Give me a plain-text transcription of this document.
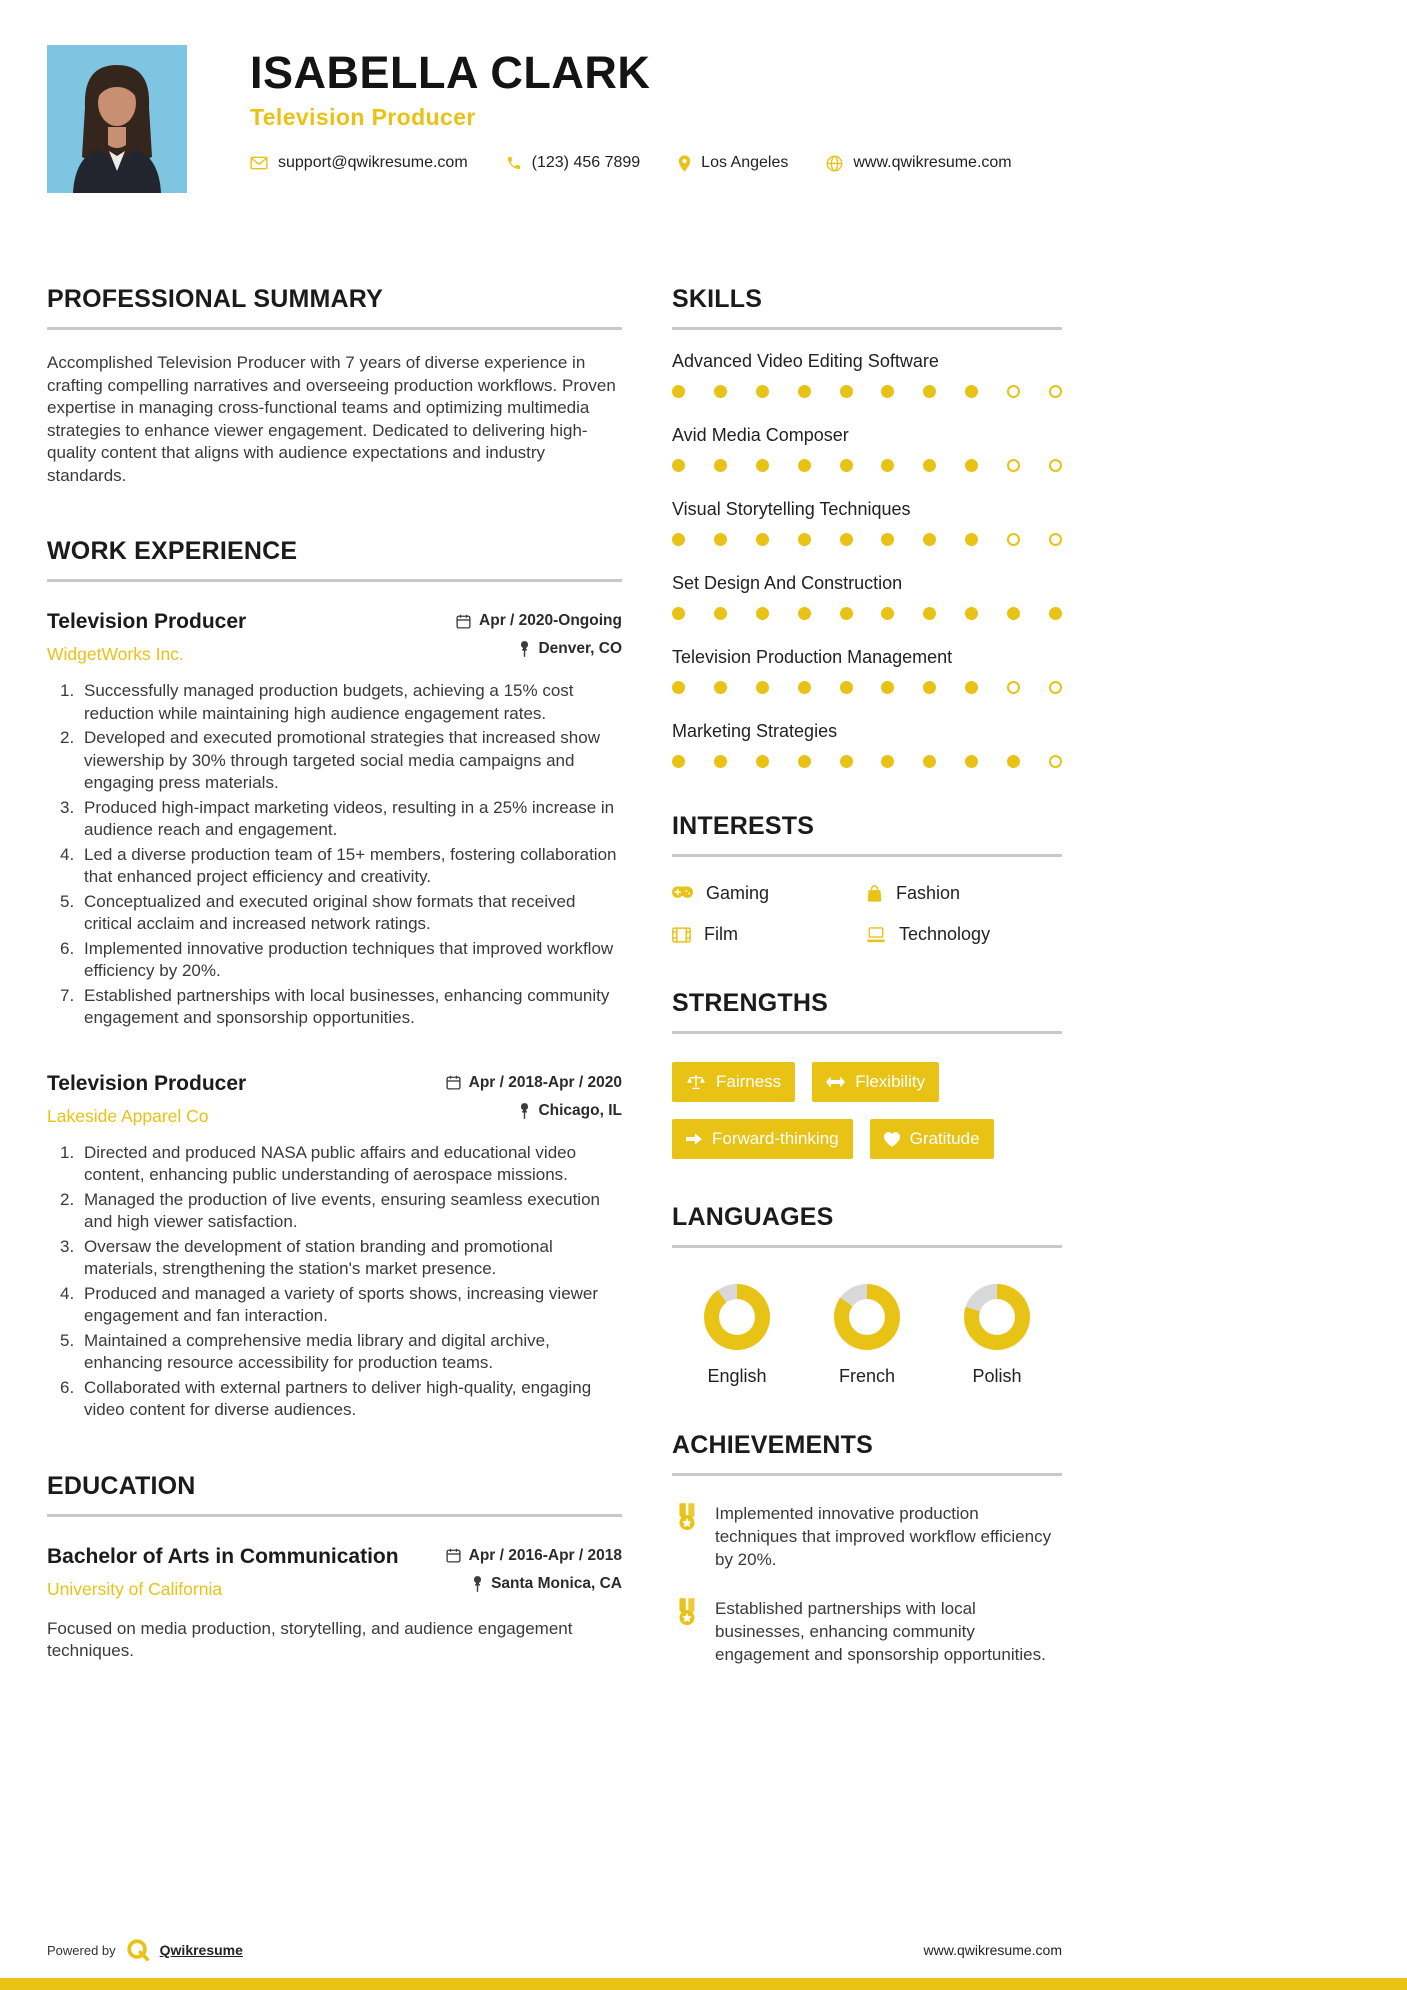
ISABELLA CLARK
Television Producer
support@qwikresume.com	(123) 456 7899	Los Angeles	www.qwikresume.com
PROFESSIONAL SUMMARY

Accomplished Television Producer with 7 years of diverse experience in crafting compelling narratives and overseeing production workflows. Proven expertise in managing cross-functional teams and optimizing multimedia strategies to enhance viewer engagement. Dedicated to delivering high-quality content that aligns with audience expectations and industry standards.

WORK EXPERIENCE
Television Producer
WidgetWorks Inc.
Apr / 2020-Ongoing
Denver, CO
Successfully managed production budgets, achieving a 15% cost reduction while maintaining high audience engagement rates.
Developed and executed promotional strategies that increased show viewership by 30% through targeted social media campaigns and engaging press materials.
Produced high-impact marketing videos, resulting in a 25% increase in audience reach and engagement.
Led a diverse production team of 15+ members, fostering collaboration that enhanced project efficiency and creativity.
Conceptualized and executed original show formats that received critical acclaim and increased network ratings.
Implemented innovative production techniques that improved workflow efficiency by 20%.
Established partnerships with local businesses, enhancing community engagement and sponsorship opportunities.
Television Producer
Lakeside Apparel Co
Apr / 2018-Apr / 2020
Chicago, IL
Directed and produced NASA public affairs and educational video content, enhancing public understanding of aerospace missions.
Managed the production of live events, ensuring seamless execution and high viewer satisfaction.
Oversaw the development of station branding and promotional materials, strengthening the station's market presence.
Produced and managed a variety of sports shows, increasing viewer engagement and fan interaction.
Maintained a comprehensive media library and digital archive, enhancing resource accessibility for production teams.
Collaborated with external partners to deliver high-quality, engaging video content for diverse audiences.
EDUCATION
Bachelor of Arts in Communication
University of California
Apr / 2016-Apr / 2018
Santa Monica, CA

Focused on media production, storytelling, and audience engagement techniques.

SKILLS
Advanced Video Editing Software
Avid Media Composer
Visual Storytelling Techniques
Set Design And Construction
Television Production Management
Marketing Strategies
INTERESTS
Gaming	Fashion
Film	Technology
STRENGTHS
Fairness	Flexibility
Forward-thinking	Gratitude
LANGUAGES
English	French	Polish
ACHIEVEMENTS

Implemented innovative production techniques that improved workflow efficiency by 20%.

Established partnerships with local businesses, enhancing community engagement and sponsorship opportunities.

Powered by	Qwikresume	www.qwikresume.com
